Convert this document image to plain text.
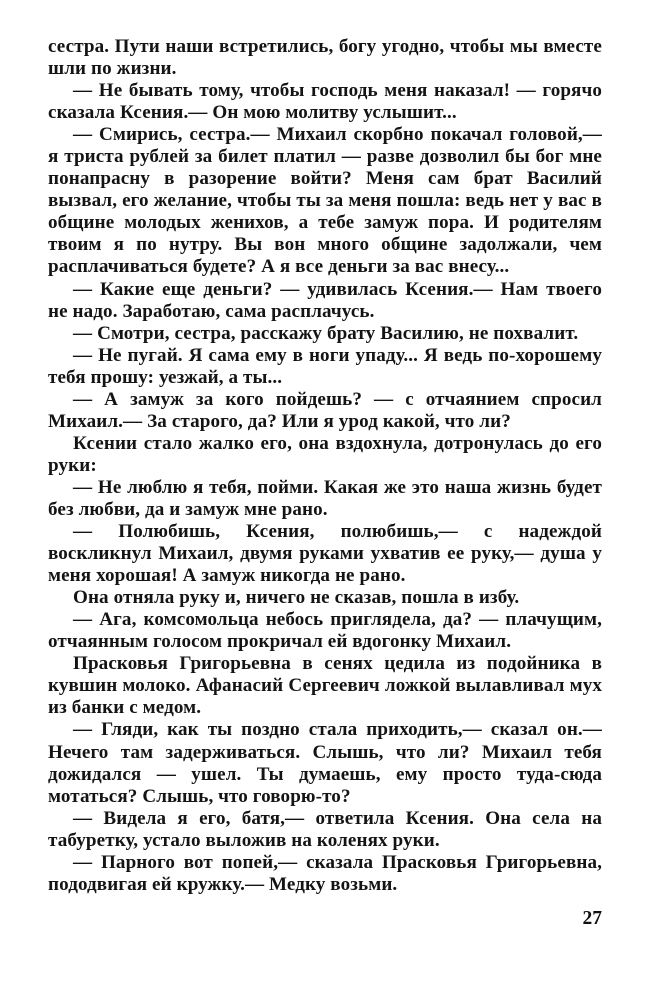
сестра. Пути наши встретились, богу угодно, чтобы мы вместе шли по жизни.

— Не бывать тому, чтобы господь меня наказал! — горячо сказала Ксения.— Он мою молитву услышит...

— Смирись, сестра.— Михаил скорбно покачал головой,— я триста рублей за билет платил — разве дозволил бы бог мне понапрасну в разорение войти? Меня сам брат Василий вызвал, его желание, чтобы ты за меня пошла: ведь нет у вас в общине молодых женихов, а тебе замуж пора. И родителям твоим я по нутру. Вы вон много общине задолжали, чем расплачиваться будете? А я все деньги за вас внесу...

— Какие еще деньги? — удивилась Ксения.— Нам твоего не надо. Заработаю, сама расплачусь.

— Смотри, сестра, расскажу брату Василию, не похвалит.

— Не пугай. Я сама ему в ноги упаду... Я ведь по-хорошему тебя прошу: уезжай, а ты...

— А замуж за кого пойдешь? — с отчаянием спросил Михаил.— За старого, да? Или я урод какой, что ли?

Ксении стало жалко его, она вздохнула, дотронулась до его руки:

— Не люблю я тебя, пойми. Какая же это наша жизнь будет без любви, да и замуж мне рано.

— Полюбишь, Ксения, полюбишь,— с надеждой воскликнул Михаил, двумя руками ухватив ее руку,— душа у меня хорошая! А замуж никогда не рано.

Она отняла руку и, ничего не сказав, пошла в избу.

— Ага, комсомольца небось приглядела, да? — плачущим, отчаянным голосом прокричал ей вдогонку Михаил.

Прасковья Григорьевна в сенях цедила из подойника в кувшин молоко. Афанасий Сергеевич ложкой вылавливал мух из банки с медом.

— Гляди, как ты поздно стала приходить,— сказал он.— Нечего там задерживаться. Слышь, что ли? Михаил тебя дожидался — ушел. Ты думаешь, ему просто туда-сюда мотаться? Слышь, что говорю-то?

— Видела я его, батя,— ответила Ксения. Она села на табуретку, устало выложив на коленях руки.

— Парного вот попей,— сказала Прасковья Григорьевна, пододвигая ей кружку.— Медку возьми.

27
